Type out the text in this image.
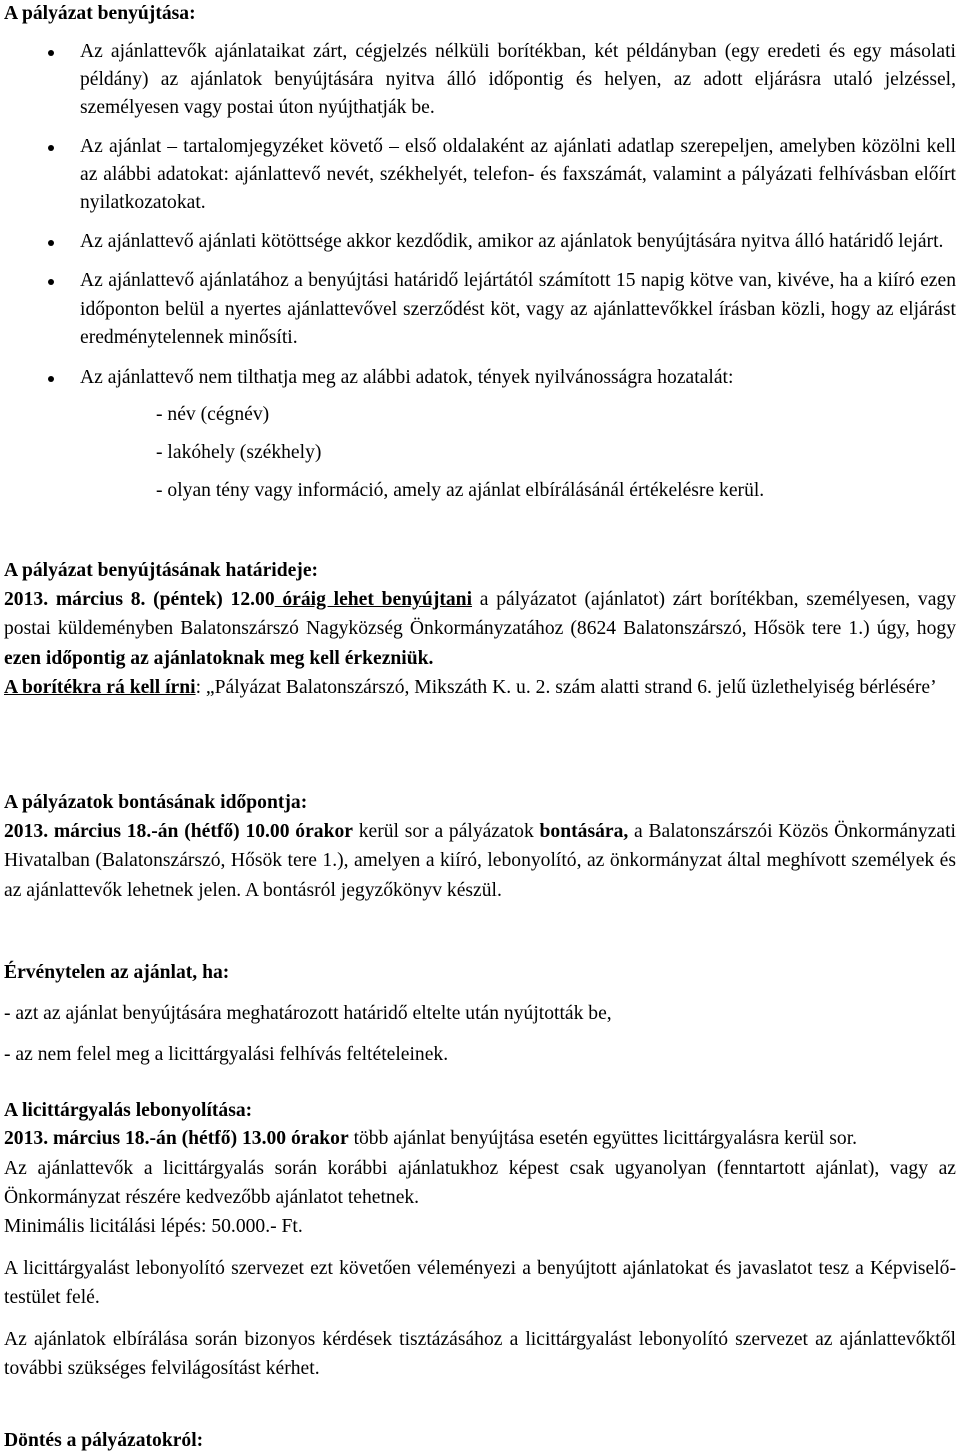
A pályázat benyújtása:

Az ajánlattevők ajánlataikat zárt, cégjelzés nélküli borítékban, két példányban (egy eredeti és egy másolati példány) az ajánlatok benyújtására nyitva álló időpontig és helyen, az adott eljárásra utaló jelzéssel, személyesen vagy postai úton nyújthatják be.
Az ajánlat – tartalomjegyzéket követő – első oldalaként az ajánlati adatlap szerepeljen, amelyben közölni kell az alábbi adatokat: ajánlattevő nevét, székhelyét, telefon- és faxszámát, valamint a pályázati felhívásban előírt nyilatkozatokat.
Az ajánlattevő ajánlati kötöttsége akkor kezdődik, amikor az ajánlatok benyújtására nyitva álló határidő lejárt.
Az ajánlattevő ajánlatához a benyújtási határidő lejártától számított 15 napig kötve van, kivéve, ha a kiíró ezen időponton belül a nyertes ajánlattevővel szerződést köt, vagy az ajánlattevőkkel írásban közli, hogy az eljárást eredménytelennek minősíti.
Az ajánlattevő nem tilthatja meg az alábbi adatok, tények nyilvánosságra hozatalát:
- név (cégnév)
- lakóhely (székhely)
- olyan tény vagy információ, amely az ajánlat elbírálásánál értékelésre kerül.

A pályázat benyújtásának határideje:

2013. március 8. (péntek) 12.00 óráig lehet benyújtani a pályázatot (ajánlatot) zárt borítékban, személyesen, vagy postai küldeményben Balatonszárszó Nagyközség Önkormányzatához (8624 Balatonszárszó, Hősök tere 1.) úgy, hogy ezen időpontig az ajánlatoknak meg kell érkezniük.

A borítékra rá kell írni: „Pályázat Balatonszárszó, Mikszáth K. u. 2. szám alatti strand 6. jelű üzlethelyiség bérlésére’

A pályázatok bontásának időpontja:

2013. március 18.-án (hétfő) 10.00 órakor kerül sor a pályázatok bontására, a Balatonszárszói Közös Önkormányzati Hivatalban (Balatonszárszó, Hősök tere 1.), amelyen a kiíró, lebonyolító, az önkormányzat által meghívott személyek és az ajánlattevők lehetnek jelen. A bontásról jegyzőkönyv készül.

Érvénytelen az ajánlat, ha:

- azt az ajánlat benyújtására meghatározott határidő eltelte után nyújtották be,

- az nem felel meg a licittárgyalási felhívás feltételeinek.

A licittárgyalás lebonyolítása:

2013. március 18.-án (hétfő) 13.00 órakor több ajánlat benyújtása esetén együttes licittárgyalásra kerül sor.

Az ajánlattevők a licittárgyalás során korábbi ajánlatukhoz képest csak ugyanolyan (fenntartott ajánlat), vagy az Önkormányzat részére kedvezőbb ajánlatot tehetnek.

Minimális licitálási lépés: 50.000.- Ft.

A licittárgyalást lebonyolító szervezet ezt követően véleményezi a benyújtott ajánlatokat és javaslatot tesz a Képviselő-testület felé.

Az ajánlatok elbírálása során bizonyos kérdések tisztázásához a licittárgyalást lebonyolító szervezet az ajánlattevőktől további szükséges felvilágosítást kérhet.

Döntés a pályázatokról:
